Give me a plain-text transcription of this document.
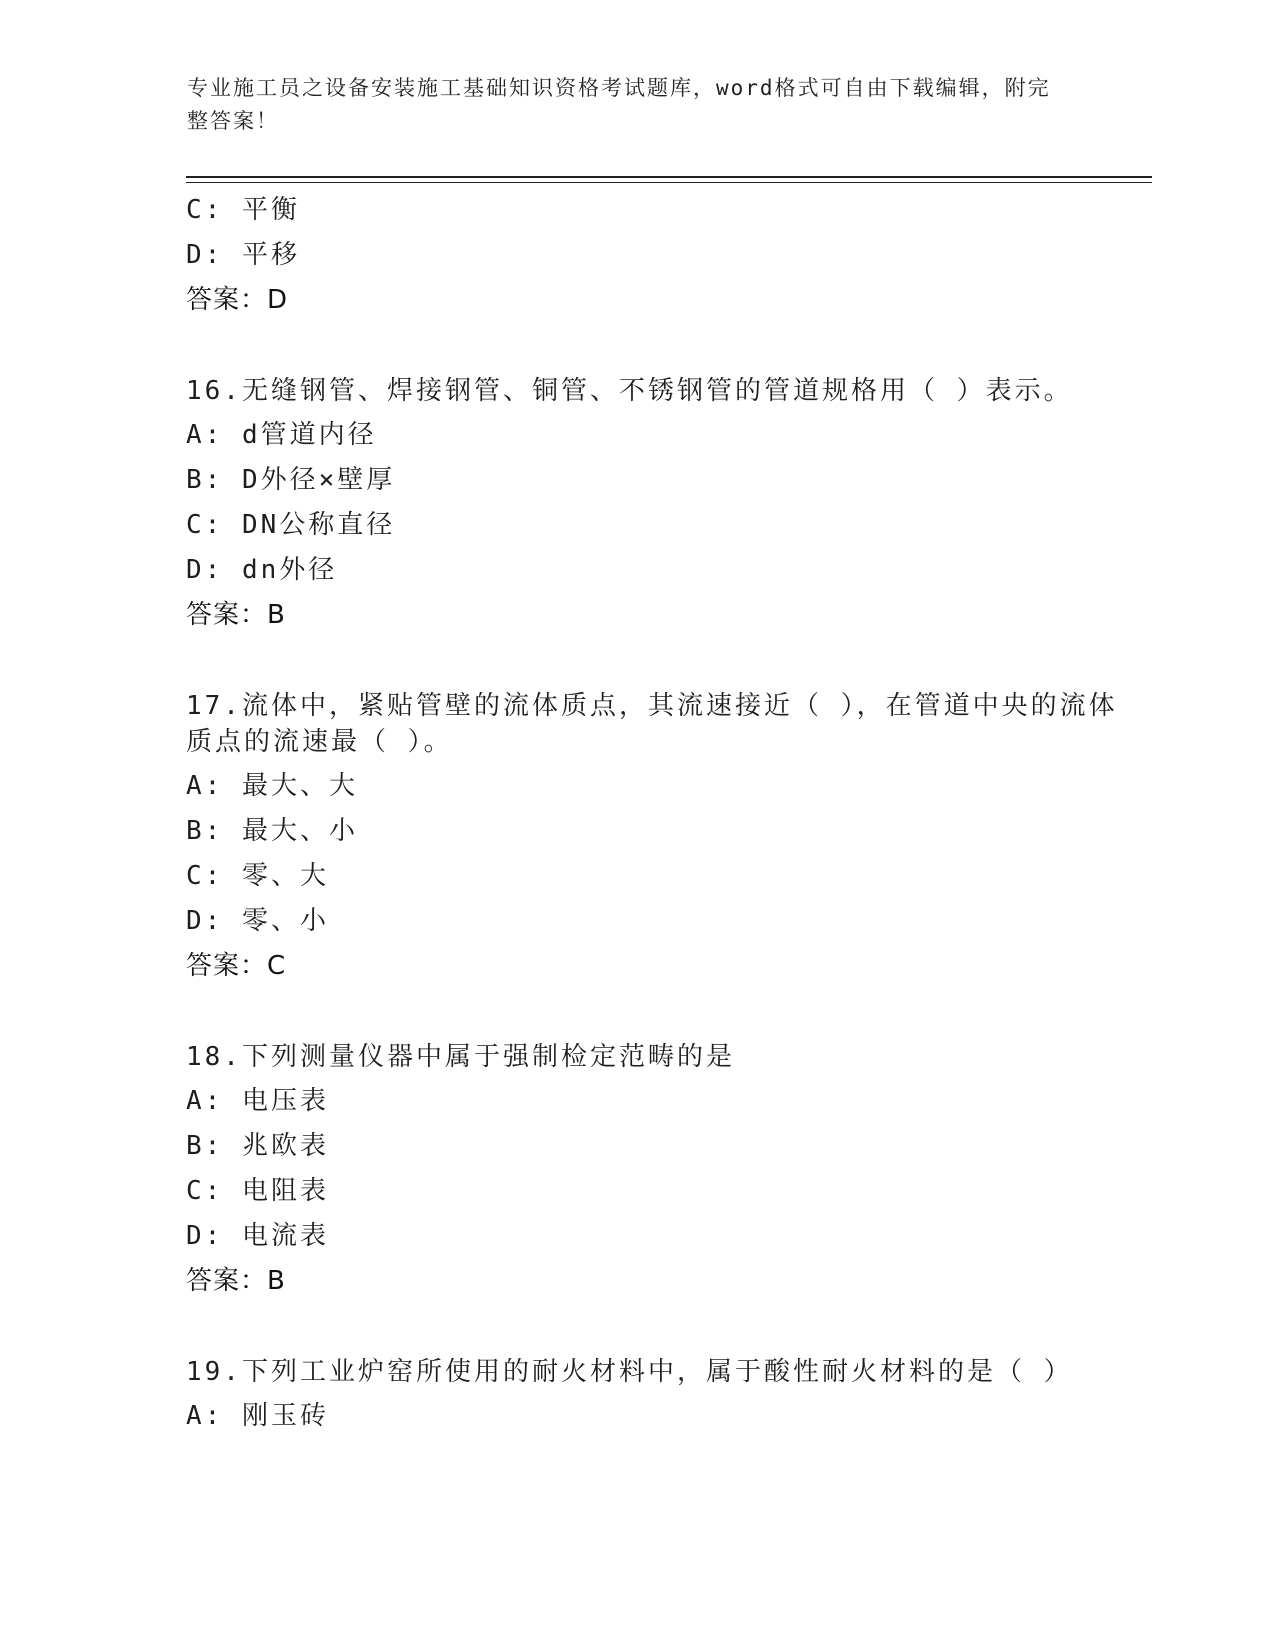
专业施工员之设备安装施工基础知识资格考试题库，word格式可自由下载编辑，附完整答案！
C: 平衡
D: 平移
答案：D
16.无缝钢管、焊接钢管、铜管、不锈钢管的管道规格用（ ）表示。
A: d管道内径
B: D外径×壁厚
C: DN公称直径
D: dn外径
答案：B
17.流体中，紧贴管壁的流体质点，其流速接近（ ），在管道中央的流体质点的流速最（ ）。
A: 最大、大
B: 最大、小
C: 零、大
D: 零、小
答案：C
18.下列测量仪器中属于强制检定范畴的是
A: 电压表
B: 兆欧表
C: 电阻表
D: 电流表
答案：B
19.下列工业炉窑所使用的耐火材料中，属于酸性耐火材料的是（ ）
A: 刚玉砖
